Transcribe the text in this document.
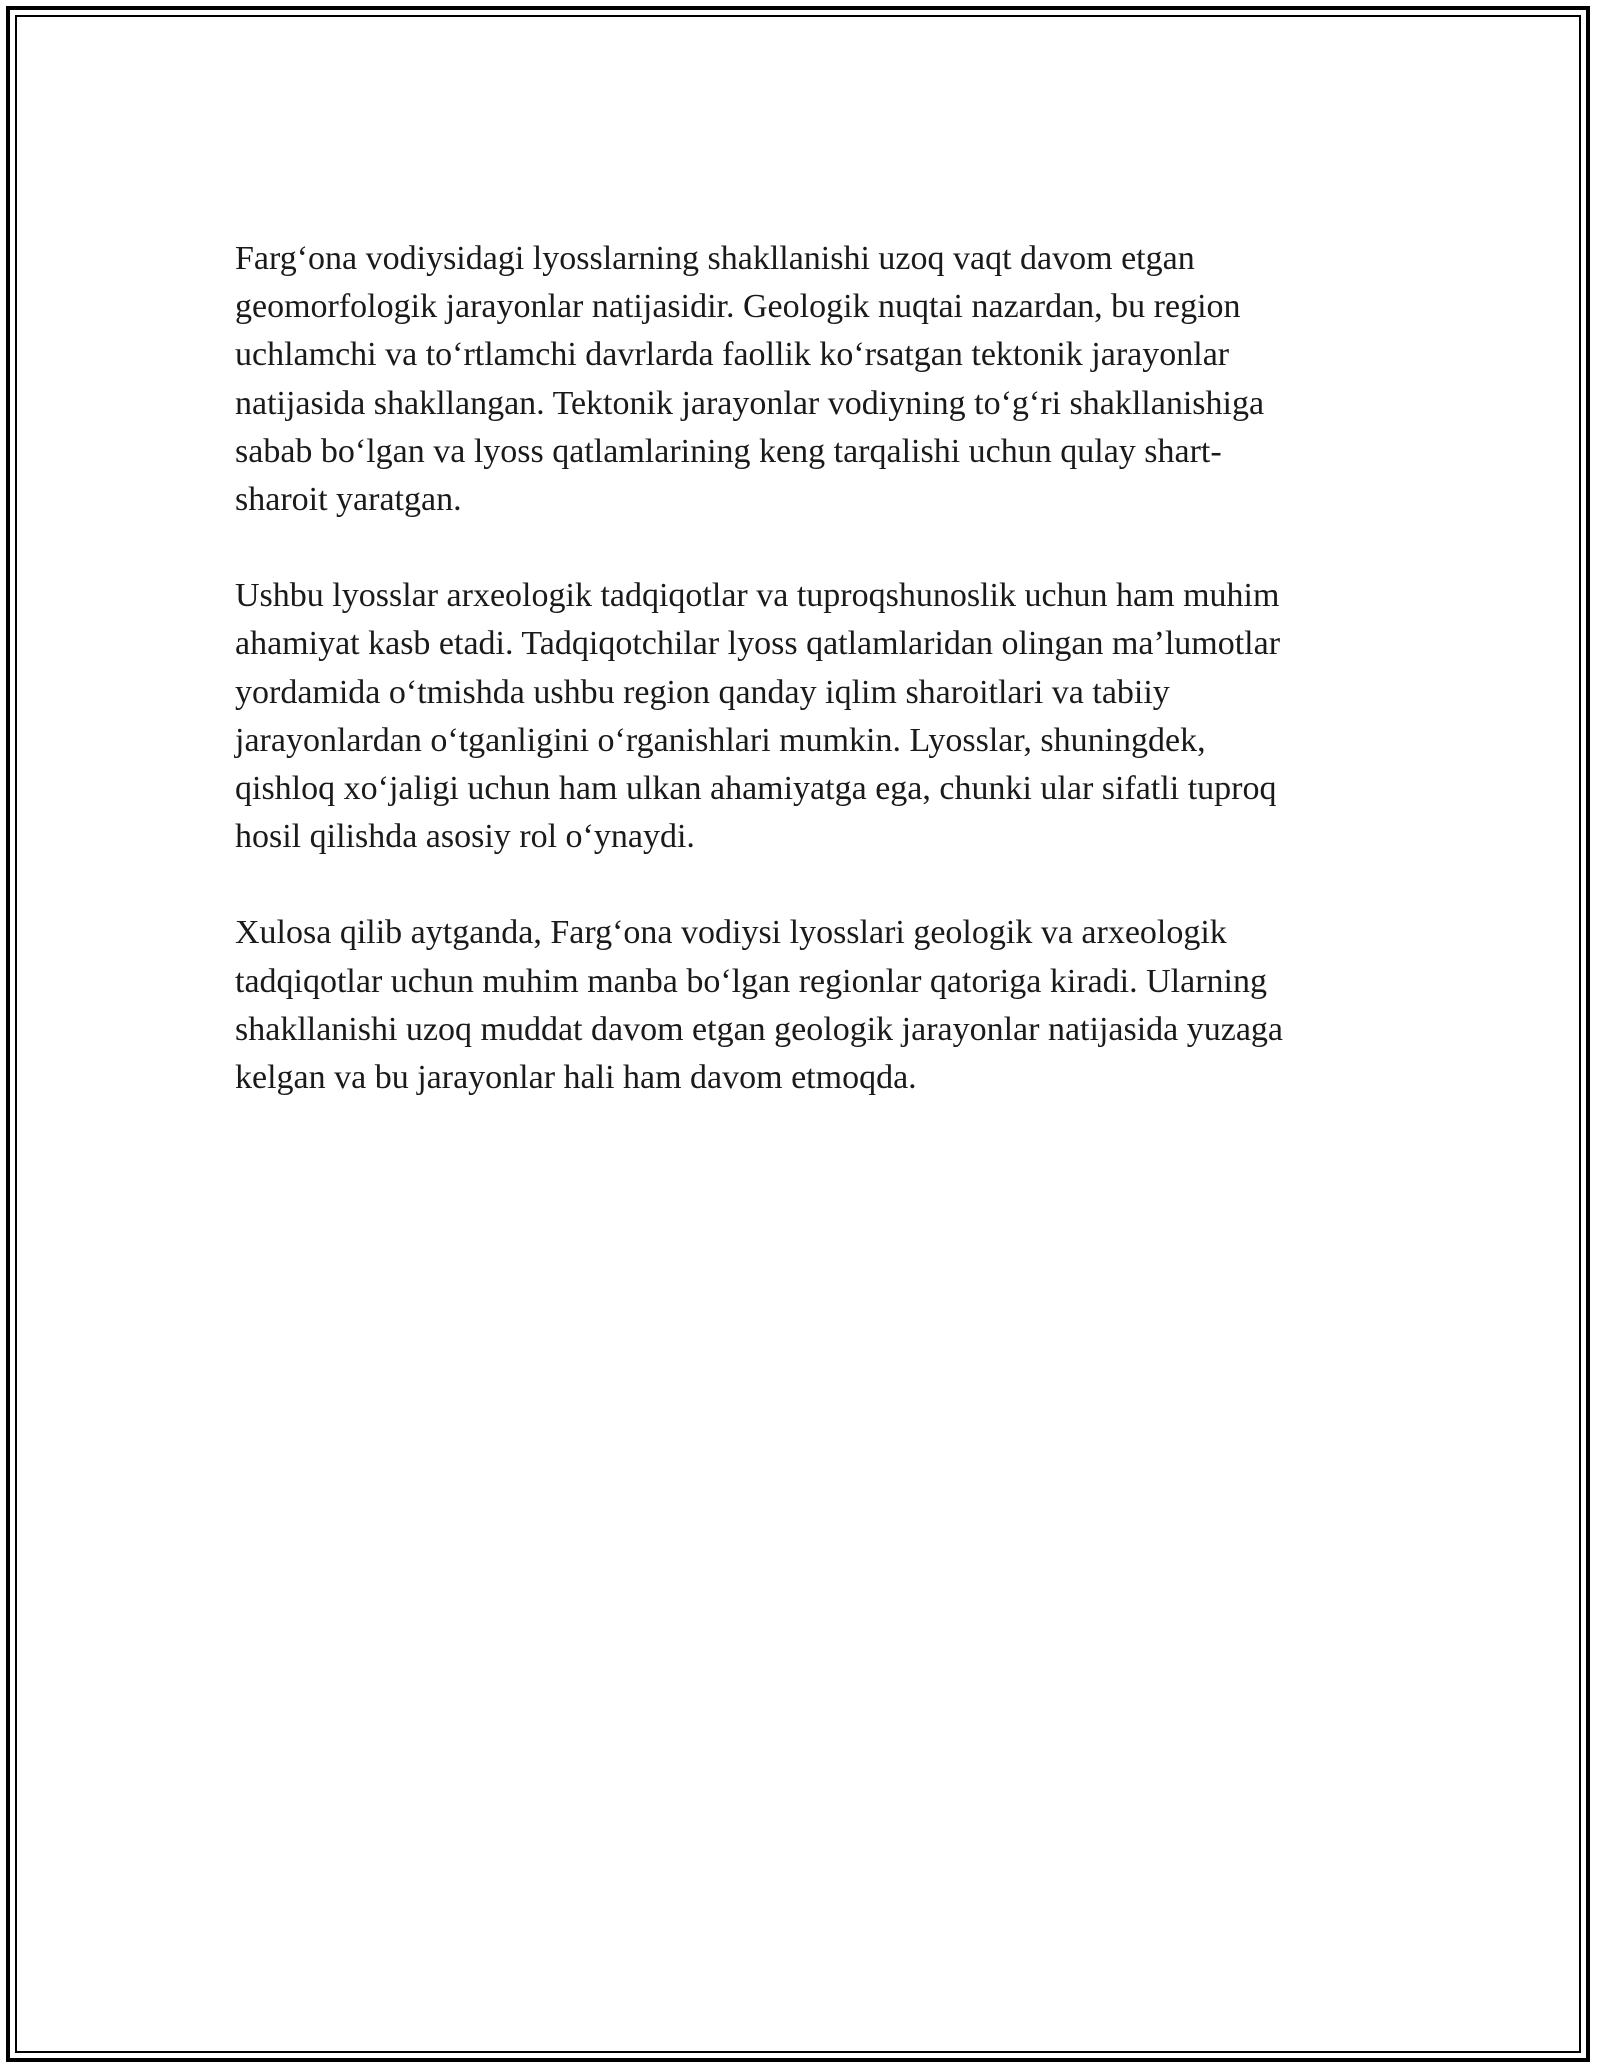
Farg‘ona vodiysidagi lyosslarning shakllanishi uzoq vaqt davom etgan
geomorfologik jarayonlar natijasidir. Geologik nuqtai nazardan, bu region
uchlamchi va to‘rtlamchi davrlarda faollik ko‘rsatgan tektonik jarayonlar
natijasida shakllangan. Tektonik jarayonlar vodiyning to‘g‘ri shakllanishiga
sabab bo‘lgan va lyoss qatlamlarining keng tarqalishi uchun qulay shart-
sharoit yaratgan.

Ushbu lyosslar arxeologik tadqiqotlar va tuproqshunoslik uchun ham muhim
ahamiyat kasb etadi. Tadqiqotchilar lyoss qatlamlaridan olingan ma’lumotlar
yordamida o‘tmishda ushbu region qanday iqlim sharoitlari va tabiiy
jarayonlardan o‘tganligini o‘rganishlari mumkin. Lyosslar, shuningdek,
qishloq xo‘jaligi uchun ham ulkan ahamiyatga ega, chunki ular sifatli tuproq
hosil qilishda asosiy rol o‘ynaydi.

Xulosa qilib aytganda, Farg‘ona vodiysi lyosslari geologik va arxeologik
tadqiqotlar uchun muhim manba bo‘lgan regionlar qatoriga kiradi. Ularning
shakllanishi uzoq muddat davom etgan geologik jarayonlar natijasida yuzaga
kelgan va bu jarayonlar hali ham davom etmoqda.
